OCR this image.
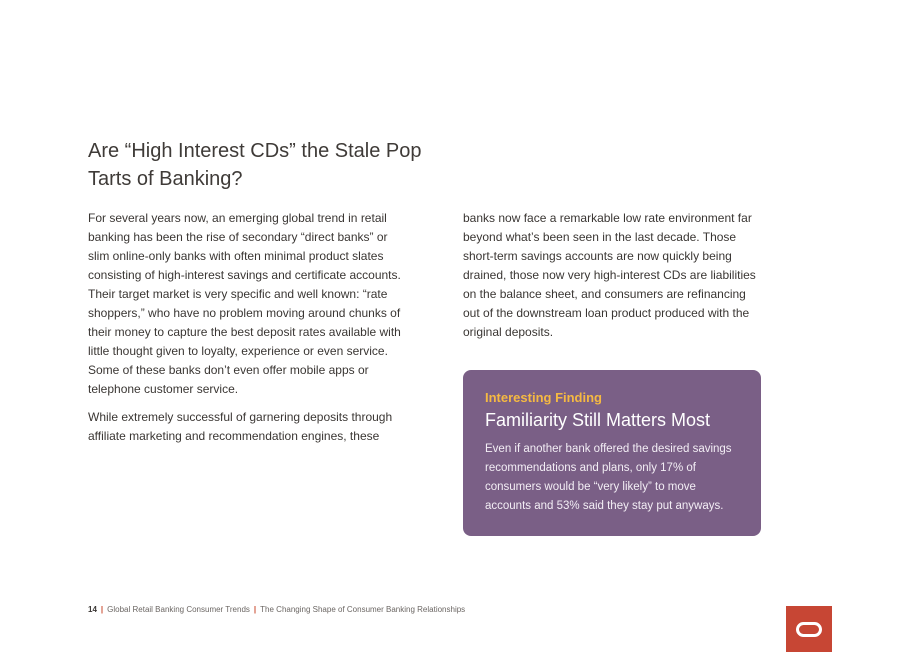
Are “High Interest CDs” the Stale Pop Tarts of Banking?

For several years now, an emerging global trend in retail banking has been the rise of secondary “direct banks” or slim online-only banks with often minimal product slates consisting of high-interest savings and certificate accounts. Their target market is very specific and well known: “rate shoppers,” who have no problem moving around chunks of their money to capture the best deposit rates available with little thought given to loyalty, experience or even service. Some of these banks don’t even offer mobile apps or telephone customer service.

While extremely successful of garnering deposits through affiliate marketing and recommendation engines, these

banks now face a remarkable low rate environment far beyond what’s been seen in the last decade. Those short-term savings accounts are now quickly being drained, those now very high-interest CDs are liabilities on the balance sheet, and consumers are refinancing out of the downstream loan product produced with the original deposits.

Interesting Finding
Familiarity Still Matters Most
Even if another bank offered the desired savings recommendations and plans, only 17% of consumers would be “very likely” to move accounts and 53% said they stay put anyways.
14 | Global Retail Banking Consumer Trends | The Changing Shape of Consumer Banking Relationships
